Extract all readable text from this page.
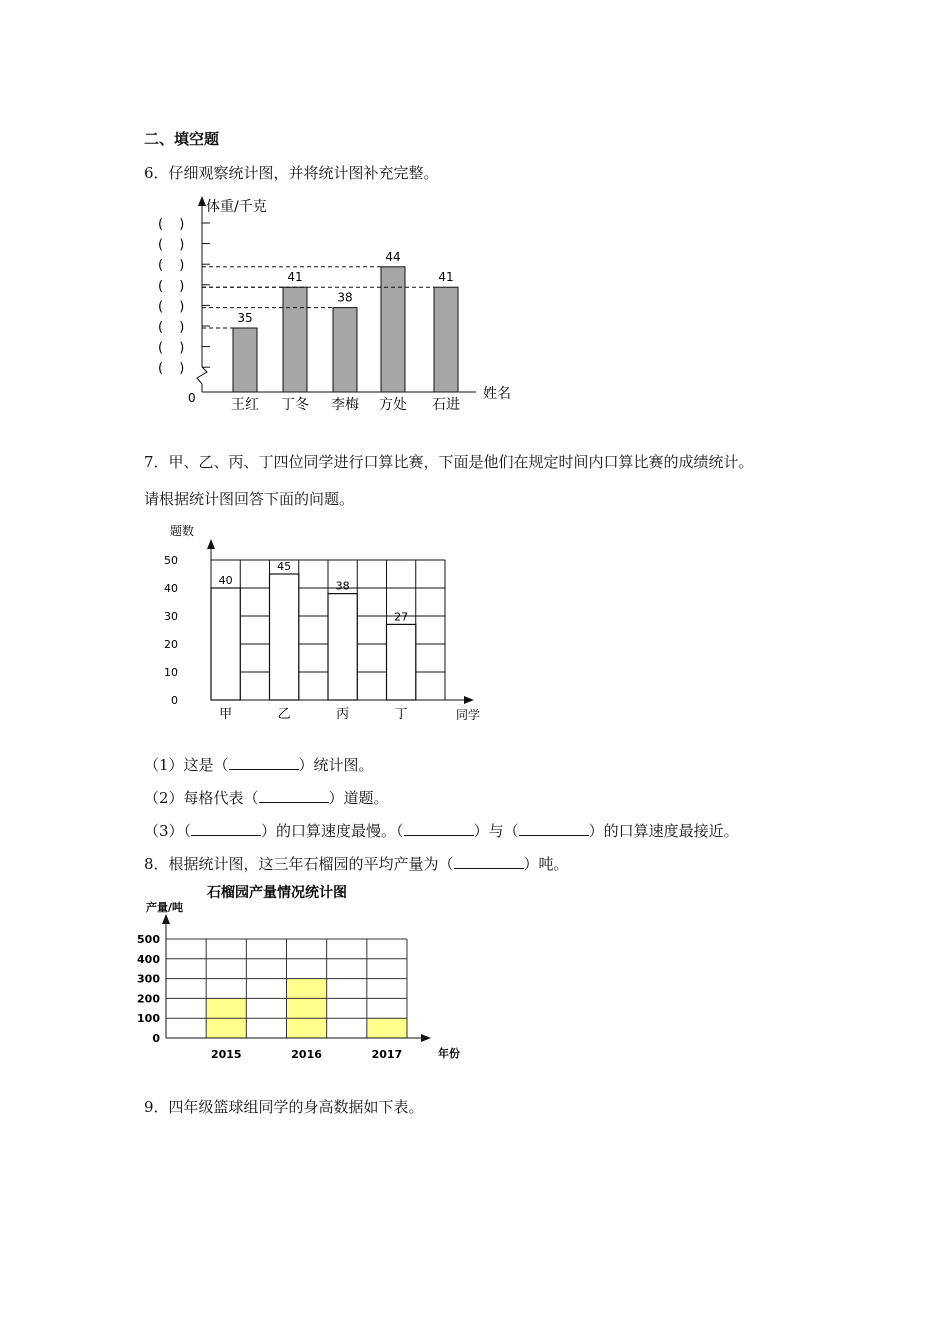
二、填空题
6．仔细观察统计图，并将统计图补充完整。
体重/千克
姓名
0
( )
( )
( )
( )
( )
( )
( )
( )
35
王红
41
丁冬
38
李梅
44
方处
41
石进
7．甲、乙、丙、丁四位同学进行口算比赛，下面是他们在规定时间内口算比赛的成绩统计。
请根据统计图回答下面的问题。
题数
同学
0
10
20
30
40
50
40
甲
45
乙
38
丙
27
丁
（1）这是（	）统计图。
（2）每格代表（	）道题。
（3）（	）的口算速度最慢。（	）与（	）的口算速度最接近。
8．根据统计图，这三年石榴园的平均产量为（	）吨。
2015	2016	2017
0
100
200
300
400
500
石榴园产量情况统计图
产量/吨
年份
9．四年级篮球组同学的身高数据如下表。
